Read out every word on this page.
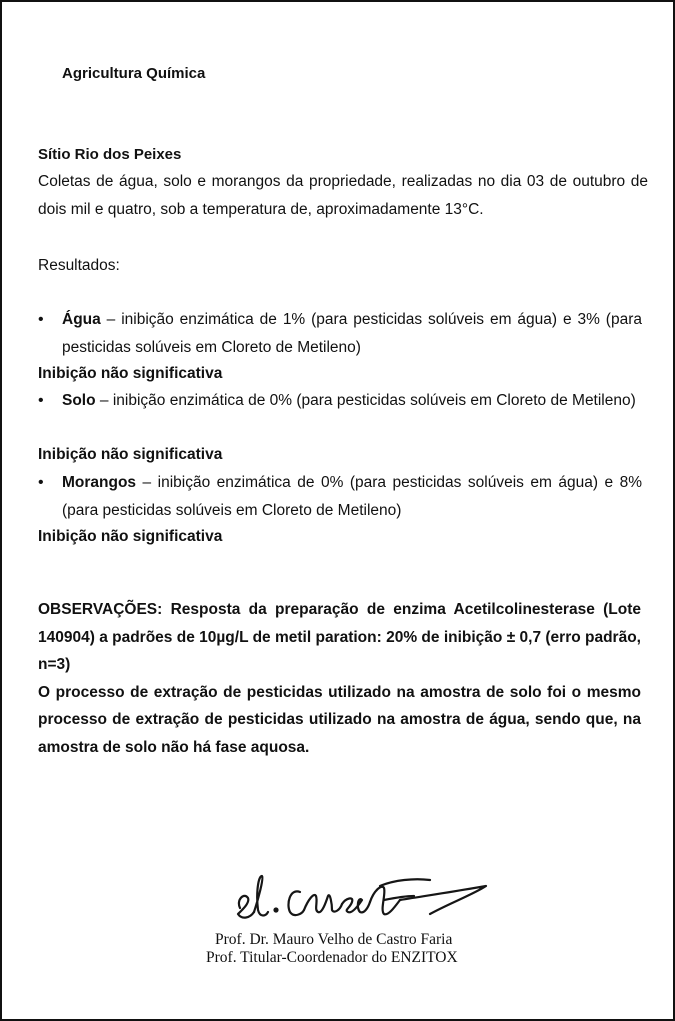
Agricultura Química
Sítio Rio dos Peixes
Coletas de água, solo e morangos da propriedade, realizadas no dia 03 de outubro de dois mil e quatro, sob a temperatura de, aproximadamente 13°C.
Resultados:
• Água – inibição enzimática de 1% (para pesticidas solúveis em água) e 3% (para pesticidas solúveis em Cloreto de Metileno)
Inibição não significativa
• Solo – inibição enzimática de 0% (para pesticidas solúveis em Cloreto de Metileno)
Inibição não significativa
• Morangos – inibição enzimática de 0% (para pesticidas solúveis em água) e 8% (para pesticidas solúveis em Cloreto de Metileno)
Inibição não significativa

OBSERVAÇÕES: Resposta da preparação de enzima Acetilcolinesterase (Lote 140904) a padrões de 10µg/L de metil paration: 20% de inibição ± 0,7 (erro padrão, n=3)

O processo de extração de pesticidas utilizado na amostra de solo foi o mesmo processo de extração de pesticidas utilizado na amostra de água, sendo que, na amostra de solo não há fase aquosa.

Prof. Dr. Mauro Velho de Castro Faria
Prof. Titular-Coordenador do ENZITOX
